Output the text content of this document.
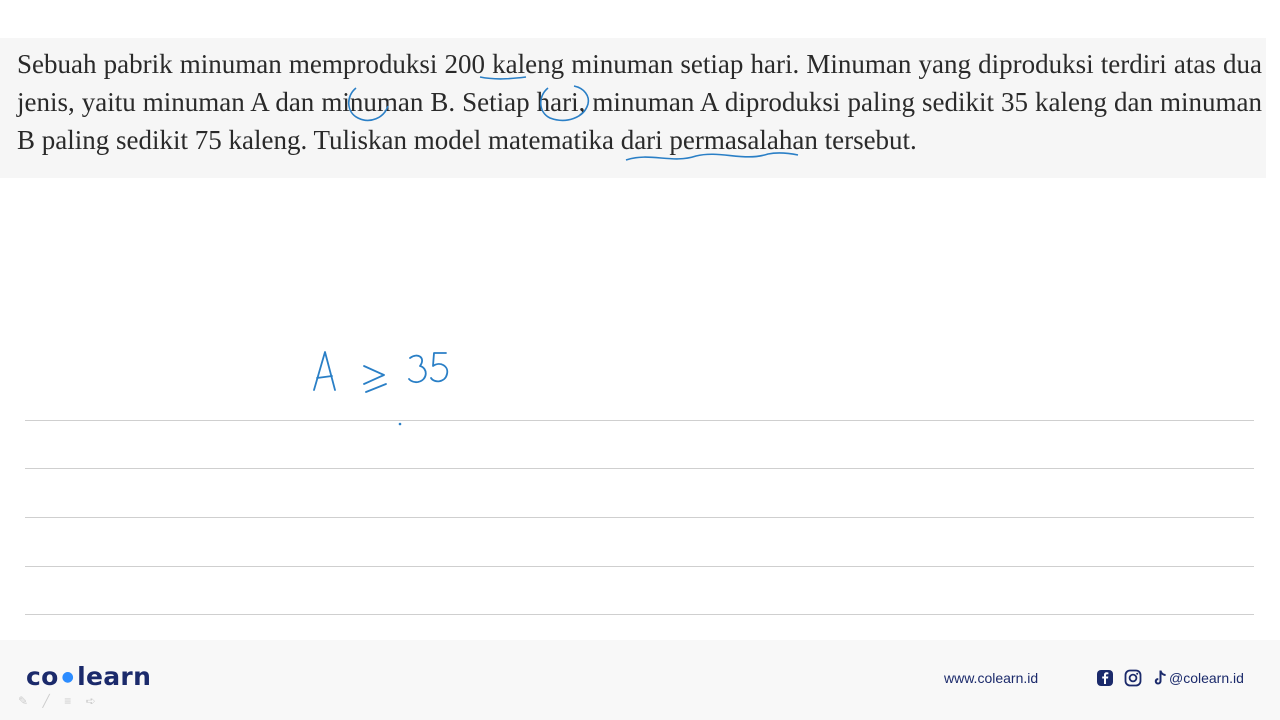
Sebuah pabrik minuman memproduksi 200 kaleng minuman setiap hari. Minuman yang diproduksi terdiri atas dua jenis, yaitu minuman A dan minuman B. Setiap hari, minuman A diproduksi paling sedikit 35 kaleng dan minuman B paling sedikit 75 kaleng. Tuliskan model matematika dari permasalahan tersebut.
co ● learn
✎ ╱ ≡ ➪
www.colearn.id
	@colearn.id
